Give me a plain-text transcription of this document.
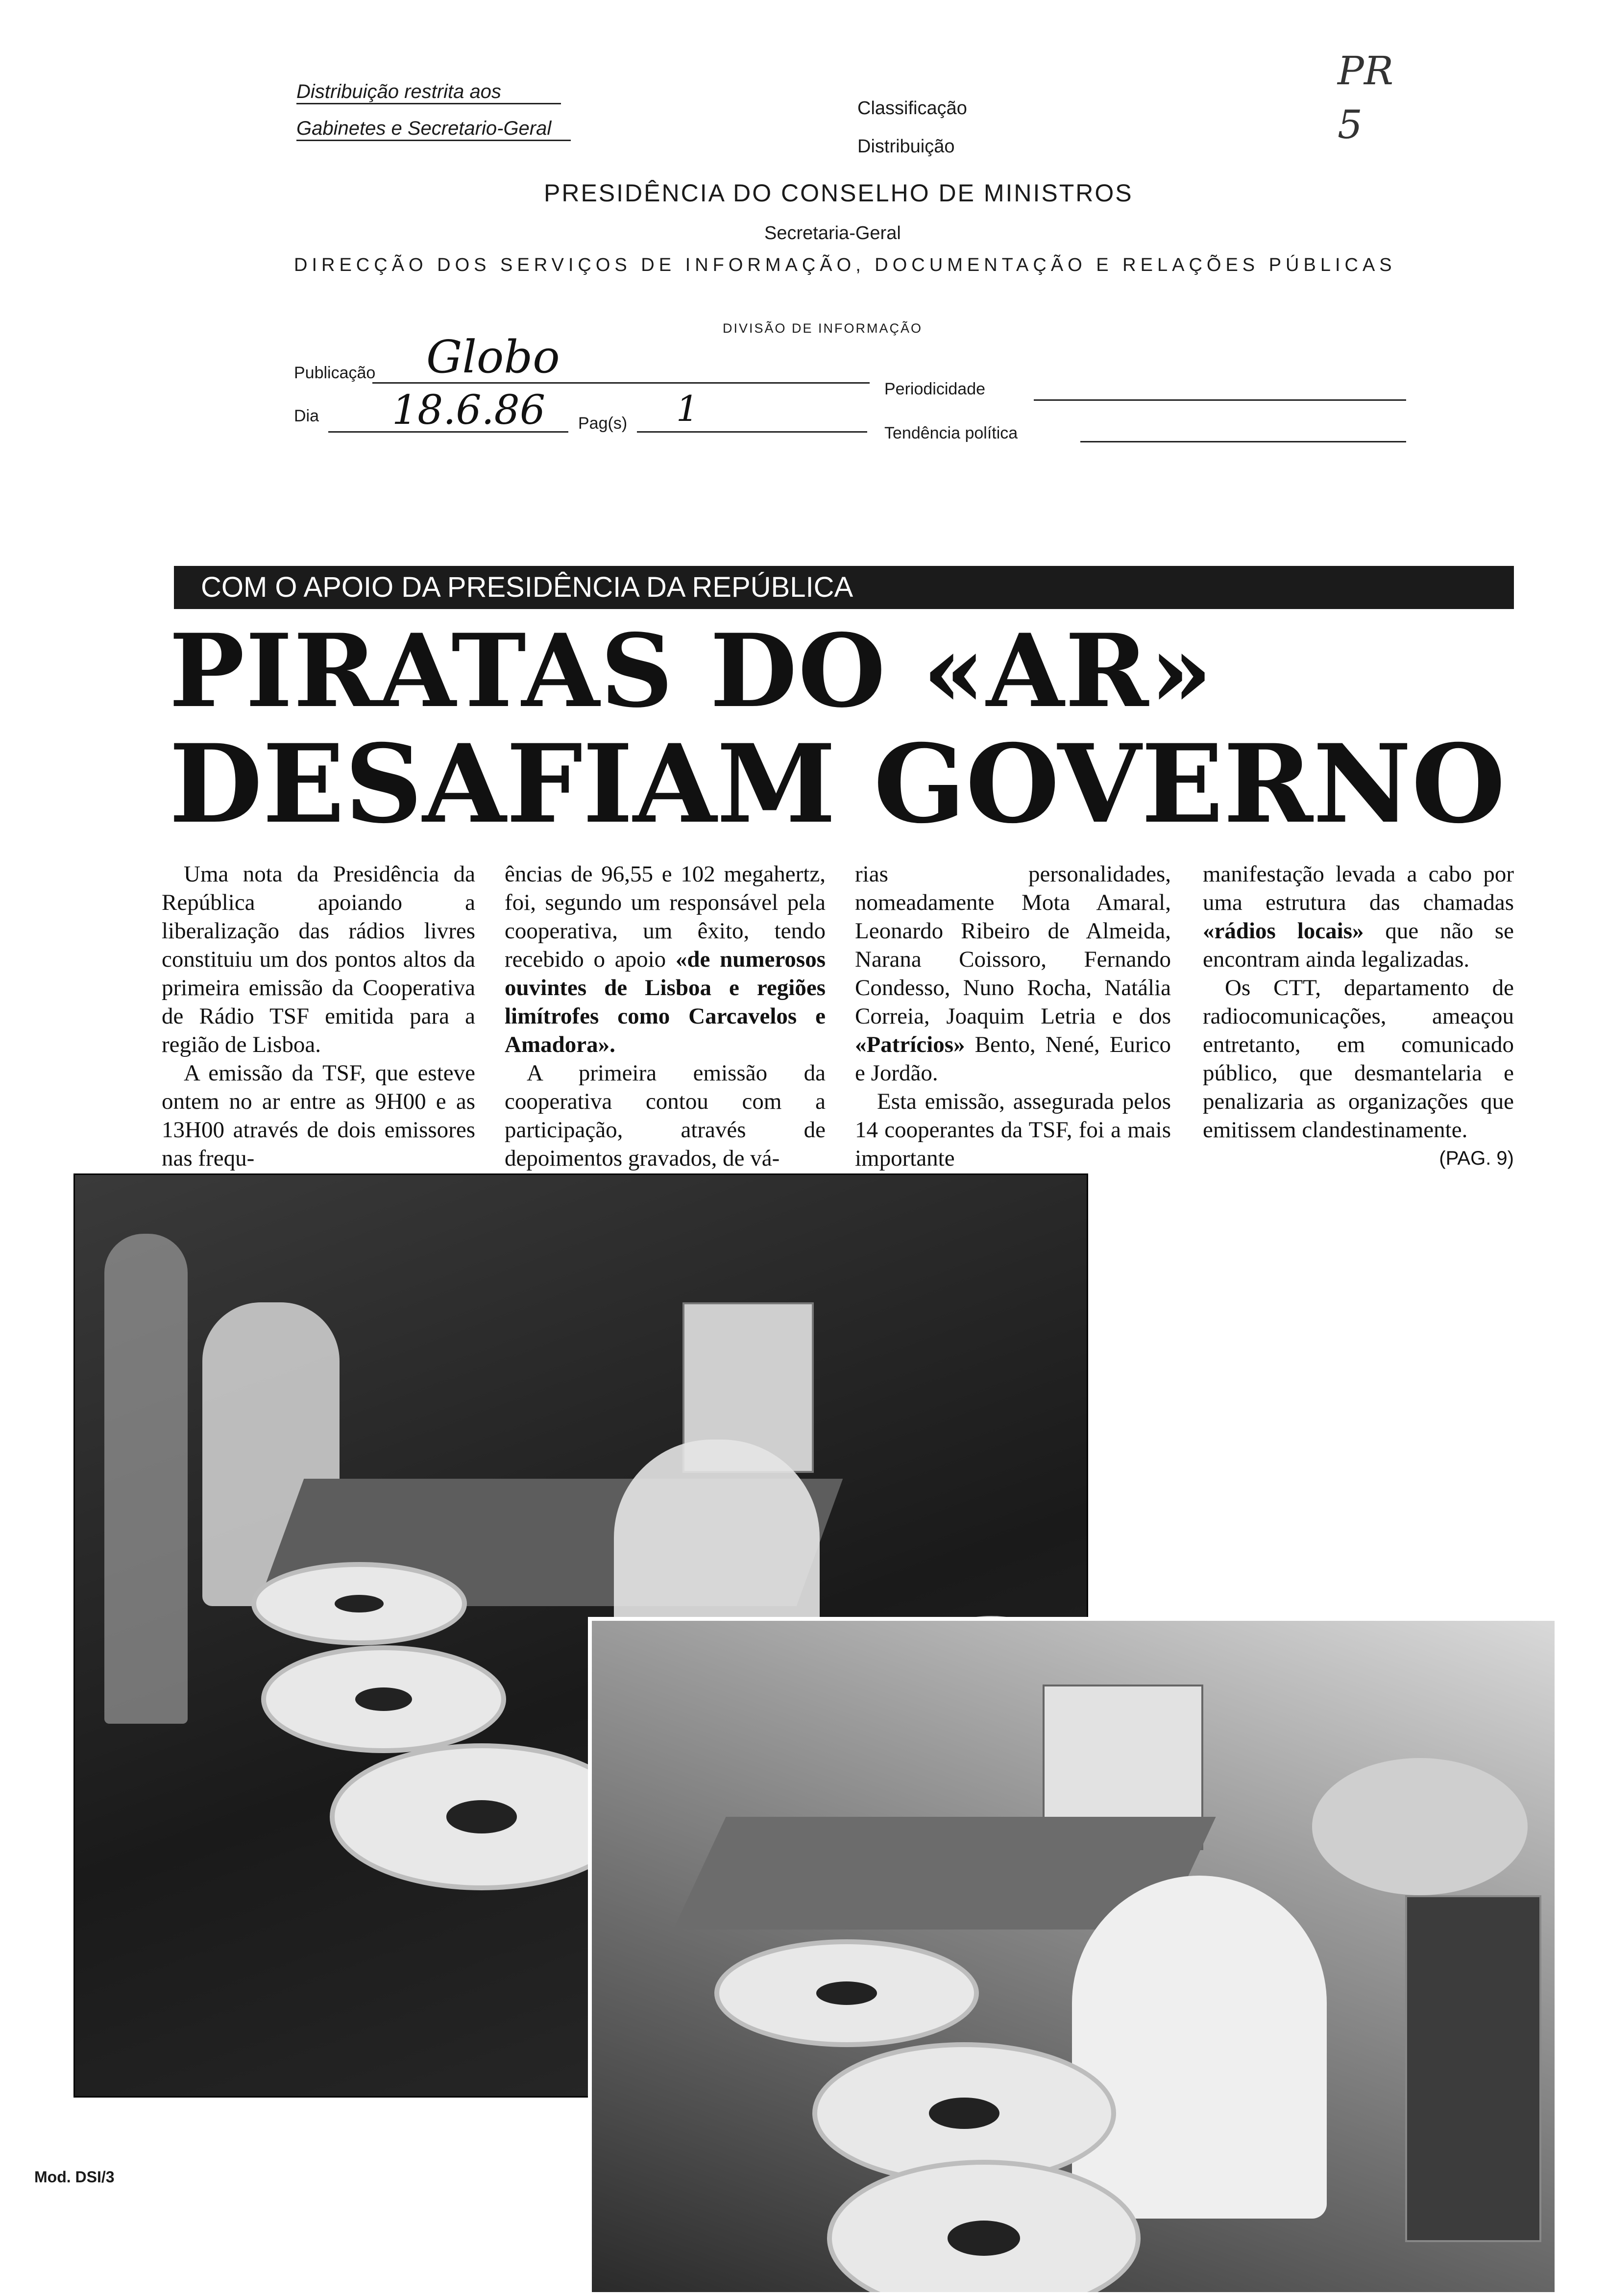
Distribuição restrita aos
Gabinetes e Secretario-Geral
Classificação
Distribuição
PR
5
PRESIDÊNCIA DO CONSELHO DE MINISTROS
Secretaria-Geral
DIRECÇÃO DOS SERVIÇOS DE INFORMAÇÃO, DOCUMENTAÇÃO E RELAÇÕES PÚBLICAS
DIVISÃO DE INFORMAÇÃO
Publicação Globo
Periodicidade
Dia 18.6.86 Pag(s) 1
Tendência política
COM O APOIO DA PRESIDÊNCIA DA REPÚBLICA
PIRATAS DO «AR»
DESAFIAM GOVERNO

Uma nota da Presidência da República apoiando a liberalização das rádios livres constituiu um dos pontos altos da primeira emissão da Cooperativa de Rádio TSF emitida para a região de Lisboa.

A emissão da TSF, que esteve ontem no ar entre as 9H00 e as 13H00 através de dois emissores nas frequ-

ências de 96,55 e 102 megahertz, foi, segundo um responsável pela cooperativa, um êxito, tendo recebido o apoio «de numerosos ouvintes de Lisboa e regiões limítrofes como Carcavelos e Amadora».

A primeira emissão da cooperativa contou com a participação, através de depoimentos gravados, de vá-

rias personalidades, nomeadamente Mota Amaral, Leonardo Ribeiro de Almeida, Narana Coissoro, Fernando Condesso, Nuno Rocha, Natália Correia, Joaquim Letria e dos «Patrícios» Bento, Nené, Eurico e Jordão.

Esta emissão, assegurada pelos 14 cooperantes da TSF, foi a mais importante

manifestação levada a cabo por uma estrutura das chamadas «rádios locais» que não se encontram ainda legalizadas.

Os CTT, departamento de radiocomunicações, ameaçou entretanto, em comunicado público, que desmantelaria e penalizaria as organizações que emitissem clandestinamente.

(PAG. 9)
Mod. DSI/3
